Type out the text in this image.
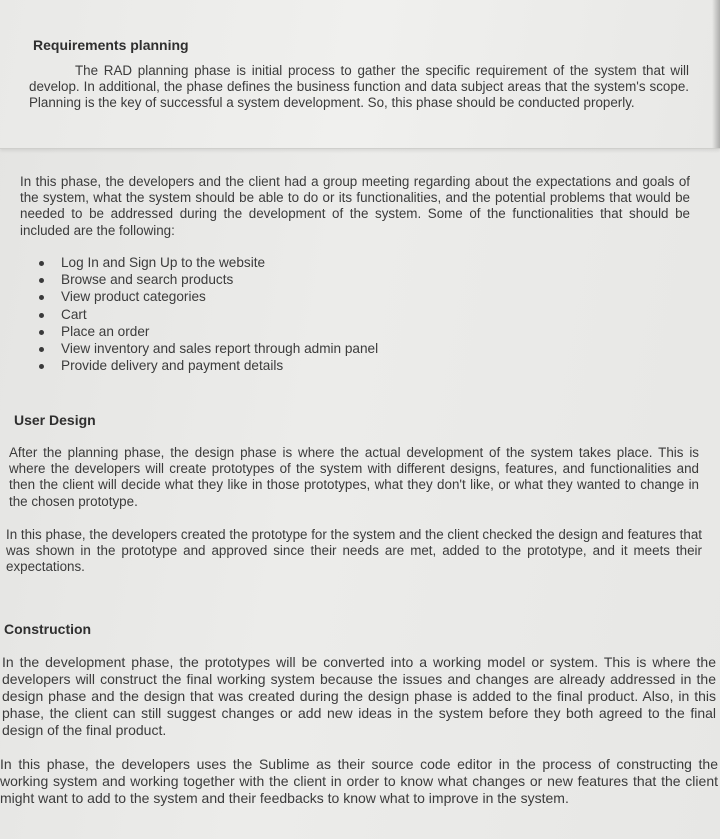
Requirements planning
The RAD planning phase is initial process to gather the specific requirement of the system that will develop. In additional, the phase defines the business function and data subject areas that the system's scope. Planning is the key of successful a system development. So, this phase should be conducted properly.
In this phase, the developers and the client had a group meeting regarding about the expectations and goals of the system, what the system should be able to do or its functionalities, and the potential problems that would be needed to be addressed during the development of the system. Some of the functionalities that should be included are the following:
Log In and Sign Up to the website
Browse and search products
View product categories
Cart
Place an order
View inventory and sales report through admin panel
Provide delivery and payment details
User Design
After the planning phase, the design phase is where the actual development of the system takes place. This is where the developers will create prototypes of the system with different designs, features, and functionalities and then the client will decide what they like in those prototypes, what they don't like, or what they wanted to change in the chosen prototype.
In this phase, the developers created the prototype for the system and the client checked the design and features that was shown in the prototype and approved since their needs are met, added to the prototype, and it meets their expectations.
Construction
In the development phase, the prototypes will be converted into a working model or system. This is where the developers will construct the final working system because the issues and changes are already addressed in the design phase and the design that was created during the design phase is added to the final product. Also, in this phase, the client can still suggest changes or add new ideas in the system before they both agreed to the final design of the final product.
In this phase, the developers uses the Sublime as their source code editor in the process of constructing the working system and working together with the client in order to know what changes or new features that the client might want to add to the system and their feedbacks to know what to improve in the system.
